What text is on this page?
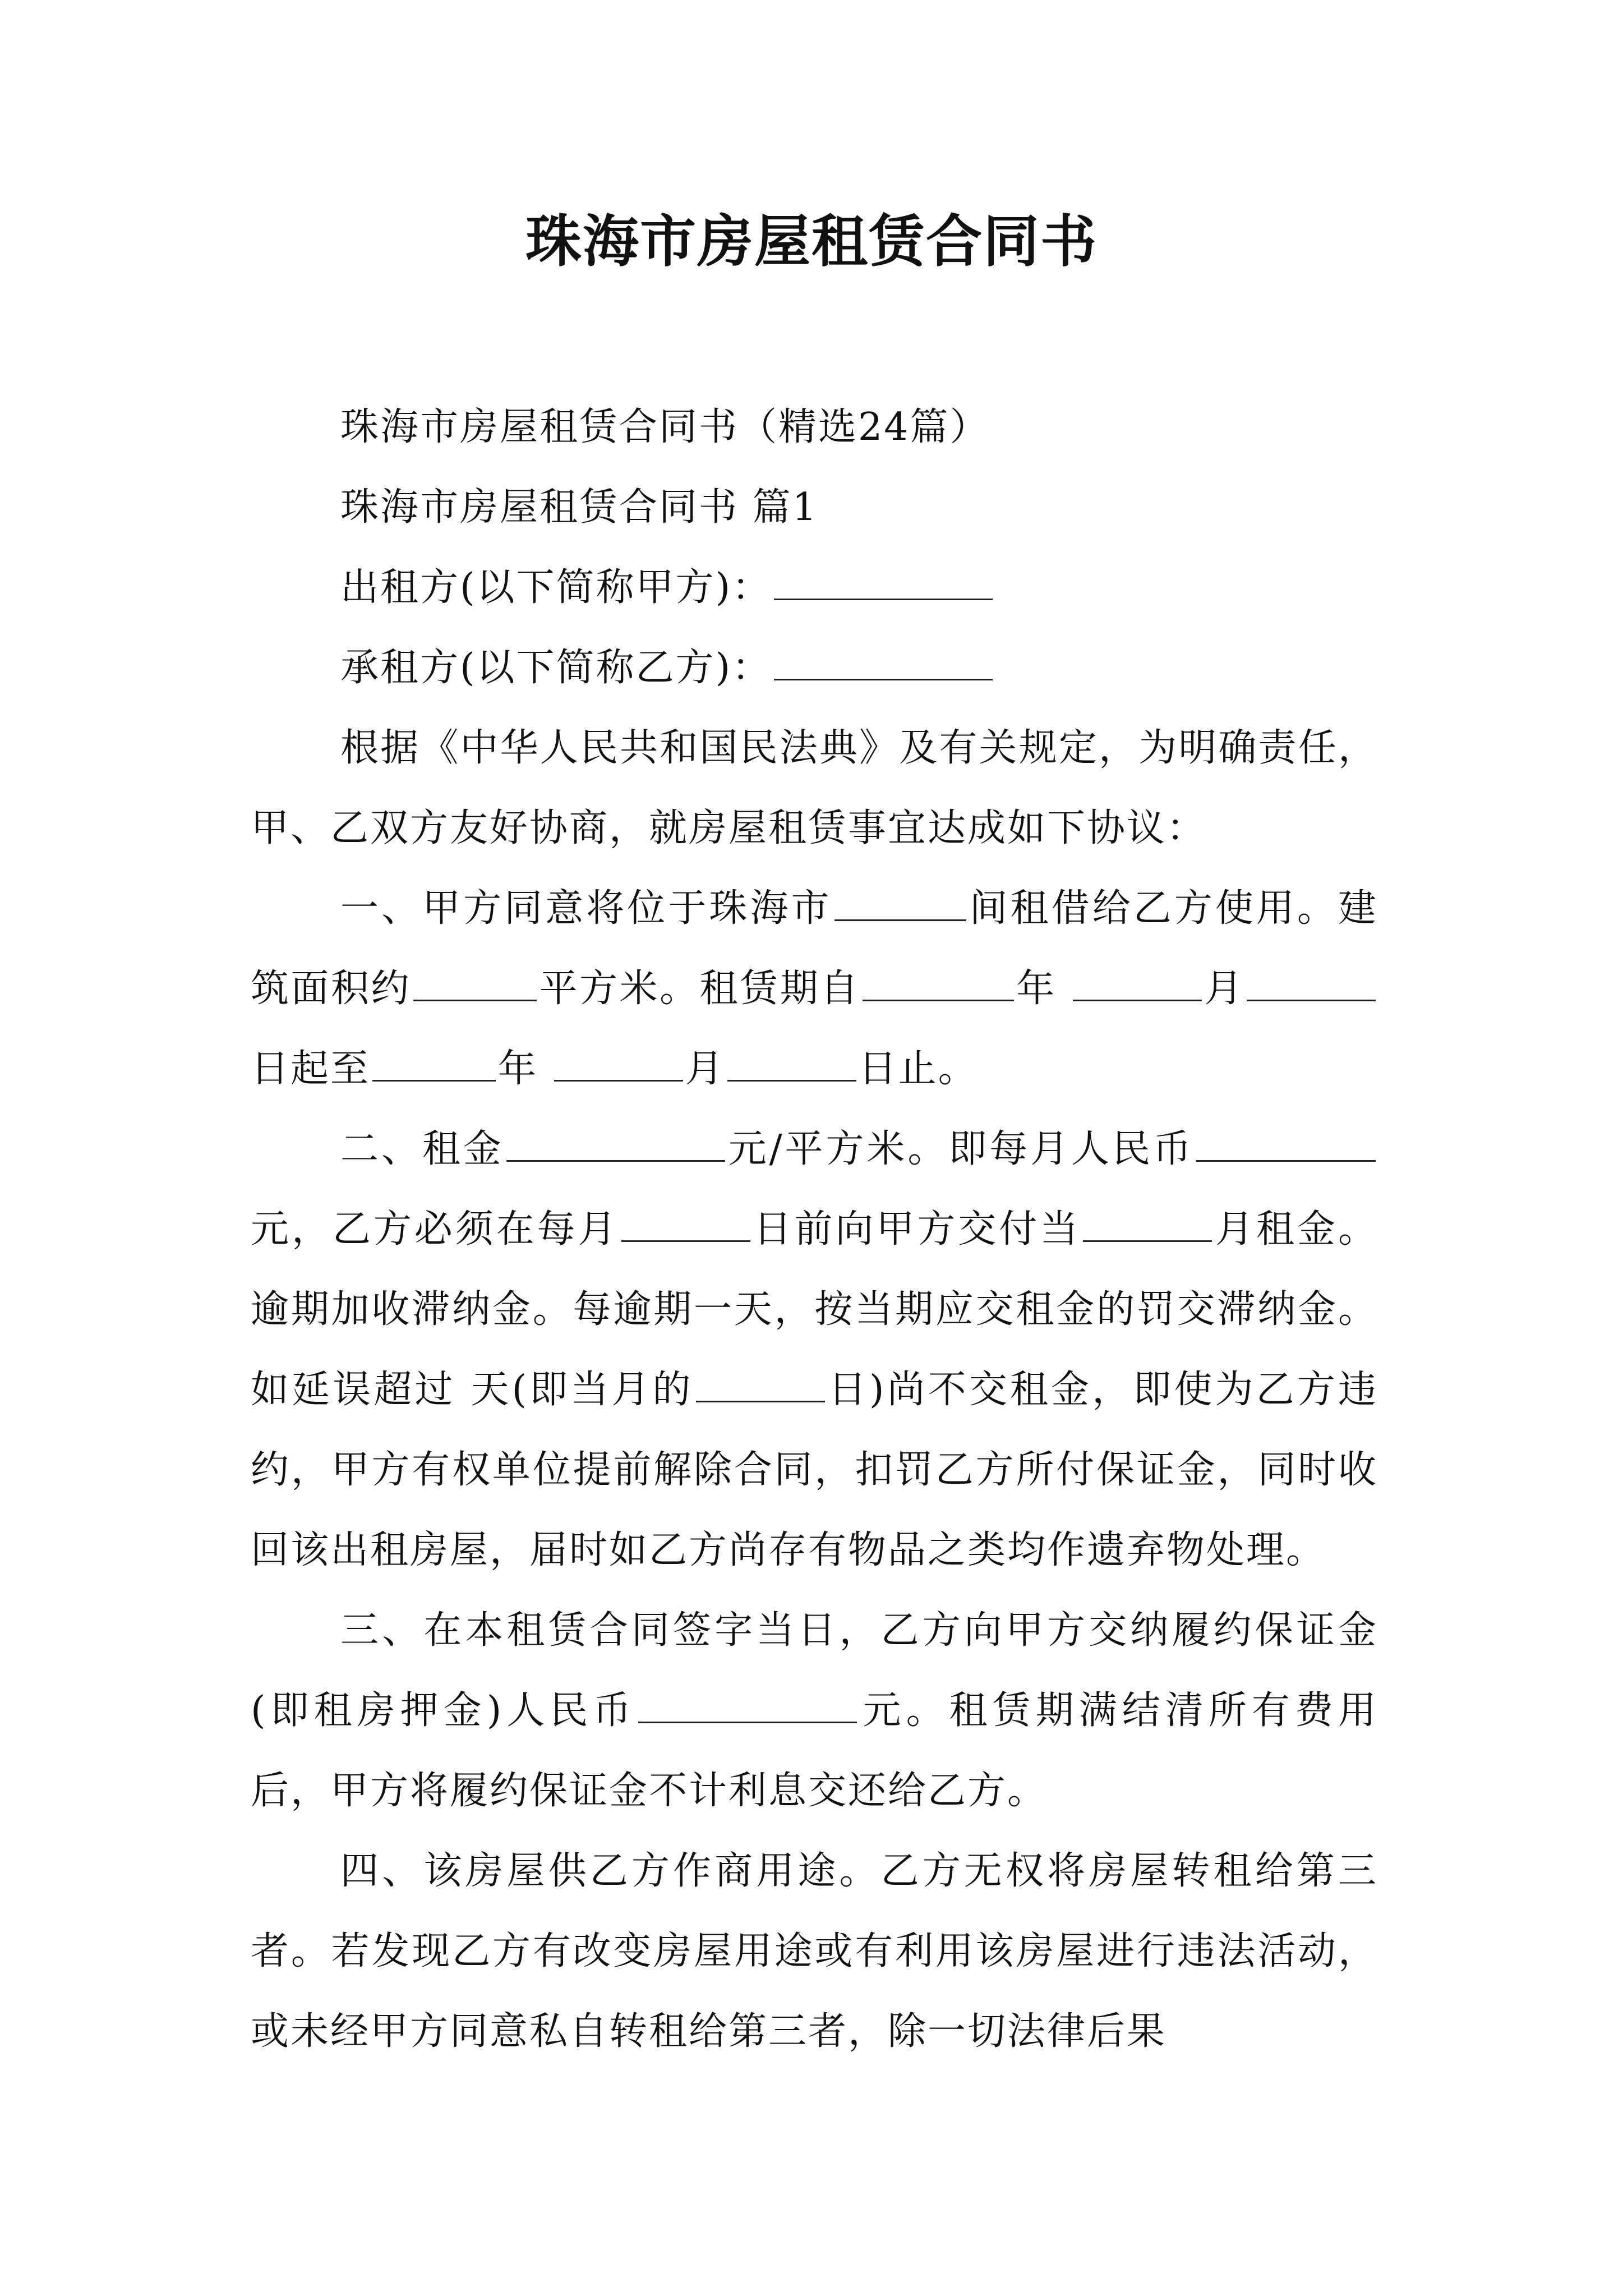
珠海市房屋租赁合同书

珠海市房屋租赁合同书（精选24篇）

珠海市房屋租赁合同书 篇1

出租方(以下简称甲方)：

承租方(以下简称乙方)：

根据《中华人民共和国民法典》及有关规定，为明确责任，甲、乙双方友好协商，就房屋租赁事宜达成如下协议：

一、甲方同意将位于珠海市	间租借给乙方使用。建筑面积约	平方米。租赁期自	年	月日起至	年	月	日止。

二、租金	元/平方米。即每月人民币元，乙方必须在每月	日前向甲方交付当	月租金。逾期加收滞纳金。每逾期一天，按当期应交租金的罚交滞纳金。如延误超过 天(即当月的	日)尚不交租金，即使为乙方违约，甲方有权单位提前解除合同，扣罚乙方所付保证金，同时收回该出租房屋，届时如乙方尚存有物品之类均作遗弃物处理。

三、在本租赁合同签字当日，乙方向甲方交纳履约保证金(即租房押金)人民币	元。租赁期满结清所有费用后，甲方将履约保证金不计利息交还给乙方。

四、该房屋供乙方作商用途。乙方无权将房屋转租给第三者。若发现乙方有改变房屋用途或有利用该房屋进行违法活动，或未经甲方同意私自转租给第三者，除一切法律后果
